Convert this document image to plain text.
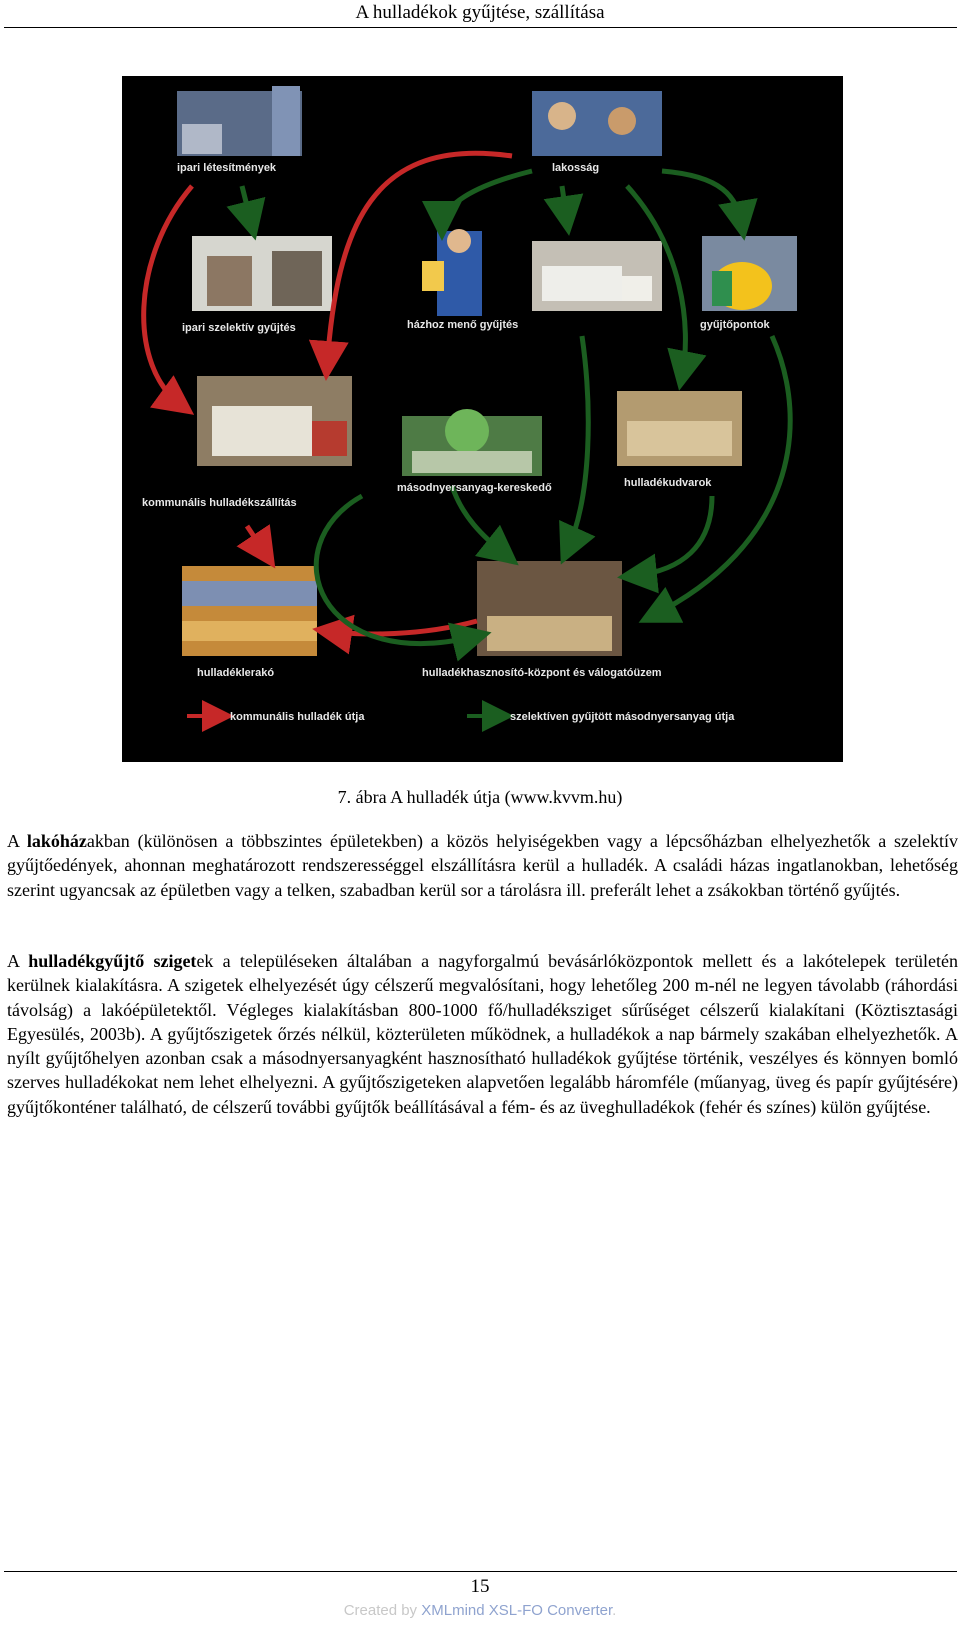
A hulladékok gyűjtése, szállítása
ipari létesítmények	lakosság
ipari szelektív gyűjtés	házhoz menő gyűjtés	gyűjtőpontok
kommunális hulladékszállítás
másodnyersanyag-kereskedő	hulladékudvarok
hulladéklerakó	hulladékhasznosító-központ és válogatóüzem
kommunális hulladék útja	szelektíven gyűjtött másodnyersanyag útja
7. ábra A hulladék útja (www.kvvm.hu)

A lakóházakban (különösen a többszintes épületekben) a közös helyiségekben vagy a lépcsőházban elhelyezhetők a szelektív gyűjtőedények, ahonnan meghatározott rendszerességgel elszállításra kerül a hulladék. A családi házas ingatlanokban, lehetőség szerint ugyancsak az épületben vagy a telken, szabadban kerül sor a tárolásra ill. preferált lehet a zsákokban történő gyűjtés.

A hulladékgyűjtő szigetek a településeken általában a nagyforgalmú bevásárlóközpontok mellett és a lakótelepek területén kerülnek kialakításra. A szigetek elhelyezését úgy célszerű megvalósítani, hogy lehetőleg 200 m-nél ne legyen távolabb (ráhordási távolság) a lakóépületektől. Végleges kialakításban 800-1000 fő/hulladéksziget sűrűséget célszerű kialakítani (Köztisztasági Egyesülés, 2003b). A gyűjtőszigetek őrzés nélkül, közterületen működnek, a hulladékok a nap bármely szakában elhelyezhetők. A nyílt gyűjtőhelyen azonban csak a másodnyersanyagként hasznosítható hulladékok gyűjtése történik, veszélyes és könnyen bomló szerves hulladékokat nem lehet elhelyezni. A gyűjtőszigeteken alapvetően legalább háromféle (műanyag, üveg és papír gyűjtésére) gyűjtőkonténer található, de célszerű további gyűjtők beállításával a fém- és az üveghulladékok (fehér és színes) külön gyűjtése.

15
Created by XMLmind XSL-FO Converter.
